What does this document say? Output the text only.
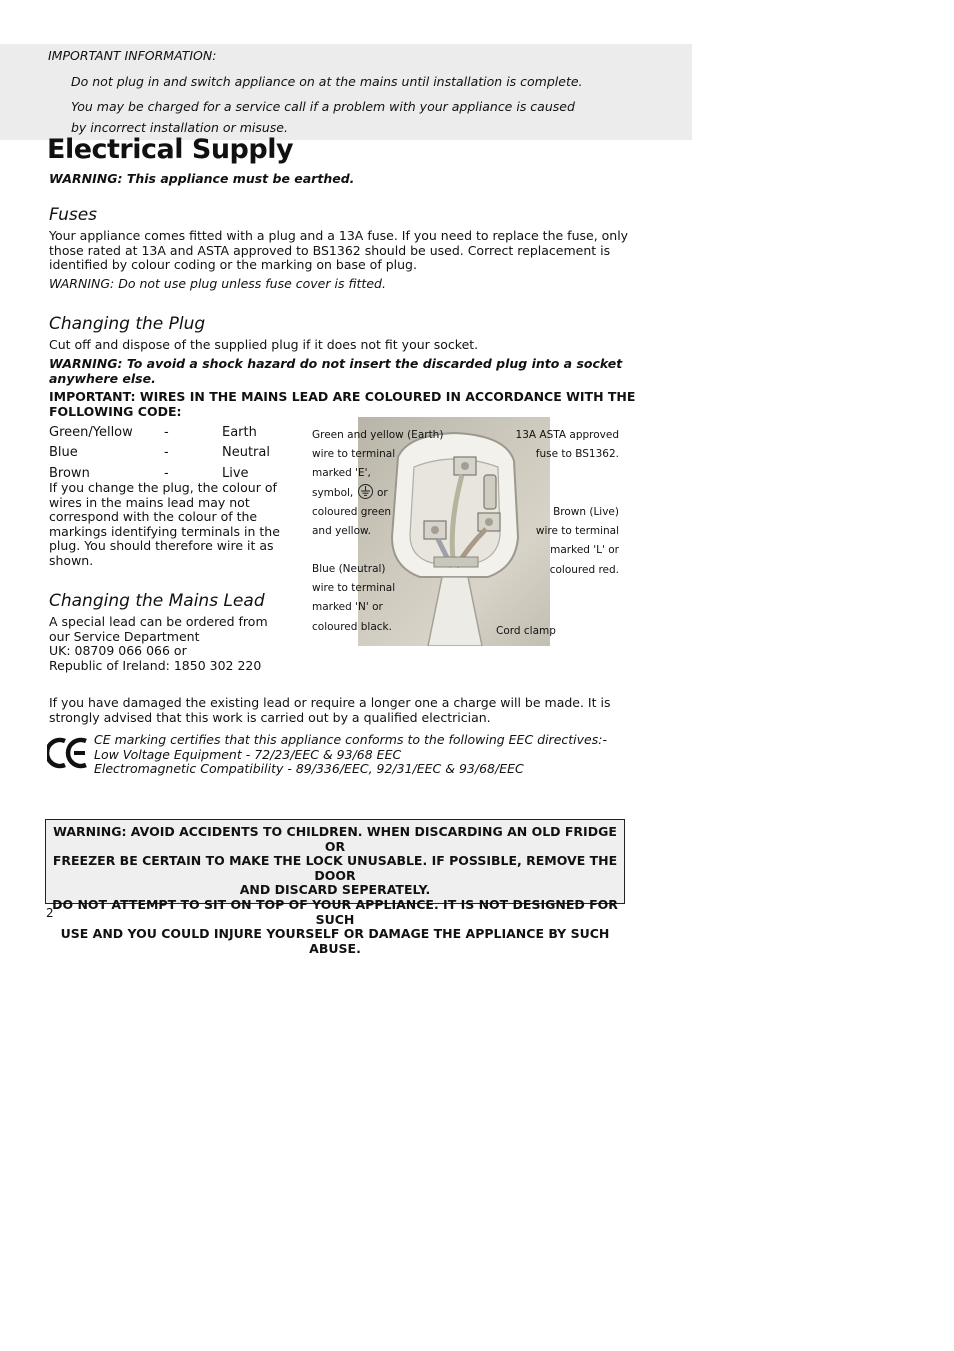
IMPORTANT INFORMATION:
Do not plug in and switch appliance on at the mains until installation is complete.
You may be charged for a service call if a problem with your appliance is caused
by incorrect installation or misuse.
Electrical Supply
WARNING: This appliance must be earthed.
Fuses

Your appliance comes fitted with a plug and a 13A fuse. If you need to replace the fuse, only

those rated at 13A and ASTA approved to BS1362 should be used. Correct replacement is

identified by colour coding or the marking on base of plug.

WARNING: Do not use plug unless fuse cover is fitted.
Changing the Plug
Cut off and dispose of the supplied plug if it does not fit your socket.

WARNING: To avoid a shock hazard do not insert the discarded plug into a socket

anywhere else.

IMPORTANT: WIRES IN THE MAINS LEAD ARE COLOURED IN ACCORDANCE WITH THE

FOLLOWING CODE:

Green/Yellow -	Earth
Blue	-	Neutral
Brown	-	Live

If you change the plug, the colour of

wires in the mains lead may not

correspond with the colour of the

markings identifying terminals in the

plug. You should therefore wire it as

shown.

Green and yellow (Earth)

wire to terminal

marked 'E',

symbol,  or

coloured green

and yellow.

Blue (Neutral)

wire to terminal

marked 'N' or

coloured black.

13A ASTA approved

fuse to BS1362.

Brown (Live)

wire to terminal

marked 'L' or

coloured red.

Cord clamp
Changing the Mains Lead

A special lead can be ordered from

our Service Department

UK: 08709 066 066 or

Republic of Ireland: 1850 302 220

If you have damaged the existing lead or require a longer one a charge will be made. It is

strongly advised that this work is carried out by a qualified electrician.

CE marking certifies that this appliance conforms to the following EEC directives:-

Low Voltage Equipment - 72/23/EEC & 93/68 EEC

Electromagnetic Compatibility - 89/336/EEC, 92/31/EEC & 93/68/EEC

WARNING: AVOID ACCIDENTS TO CHILDREN. WHEN DISCARDING AN OLD FRIDGE OR

FREEZER BE CERTAIN TO MAKE THE LOCK UNUSABLE. IF POSSIBLE, REMOVE THE DOOR

AND DISCARD SEPERATELY.

DO NOT ATTEMPT TO SIT ON TOP OF YOUR APPLIANCE. IT IS NOT DESIGNED FOR SUCH

USE AND YOU COULD INJURE YOURSELF OR DAMAGE THE APPLIANCE BY SUCH ABUSE.

2
